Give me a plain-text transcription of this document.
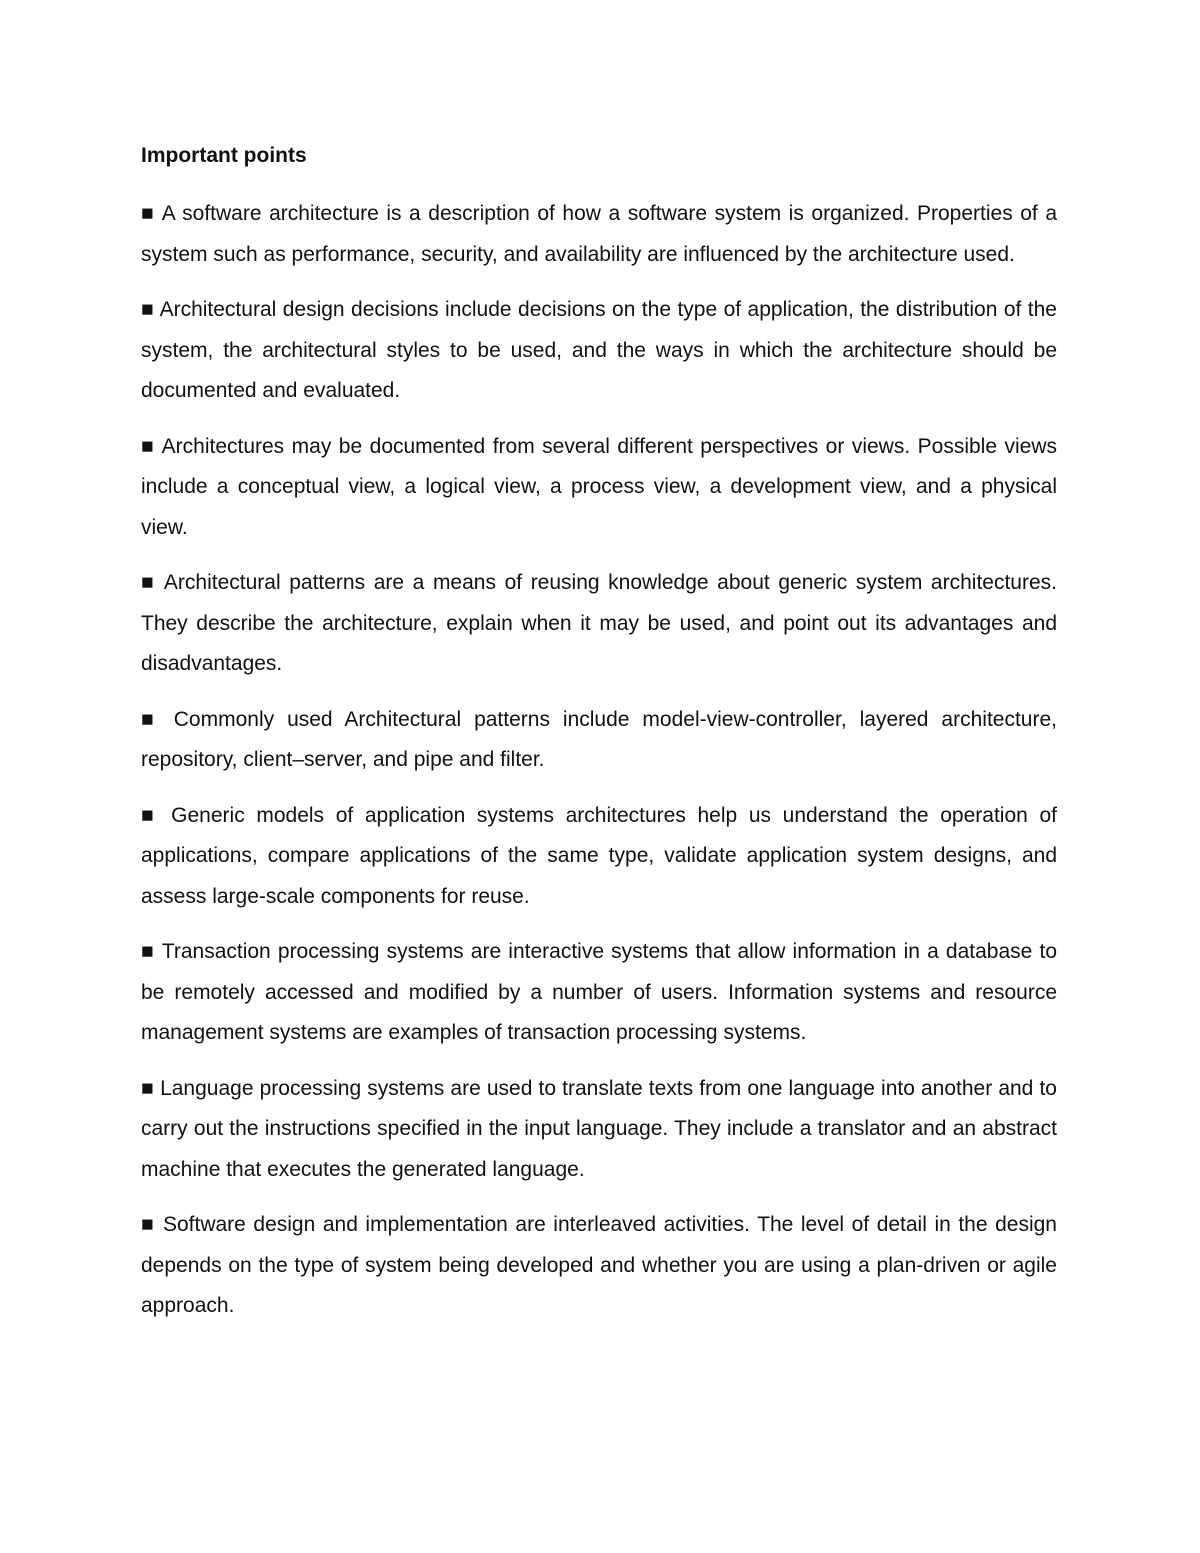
Important points

■ A software architecture is a description of how a software system is organized. Properties of a system such as performance, security, and availability are influenced by the architecture used.

■ Architectural design decisions include decisions on the type of application, the distribution of the system, the architectural styles to be used, and the ways in which the architecture should be documented and evaluated.

■ Architectures may be documented from several different perspectives or views. Possible views include a conceptual view, a logical view, a process view, a development view, and a physical view.

■ Architectural patterns are a means of reusing knowledge about generic system architectures. They describe the architecture, explain when it may be used, and point out its advantages and disadvantages.

■ Commonly used Architectural patterns include model-view-controller, layered architecture, repository, client–server, and pipe and filter.

■ Generic models of application systems architectures help us understand the operation of applications, compare applications of the same type, validate application system designs, and assess large-scale components for reuse.

■ Transaction processing systems are interactive systems that allow information in a database to be remotely accessed and modified by a number of users. Information systems and resource management systems are examples of transaction processing systems.

■ Language processing systems are used to translate texts from one language into another and to carry out the instructions specified in the input language. They include a translator and an abstract machine that executes the generated language.

■ Software design and implementation are interleaved activities. The level of detail in the design depends on the type of system being developed and whether you are using a plan-driven or agile approach.
